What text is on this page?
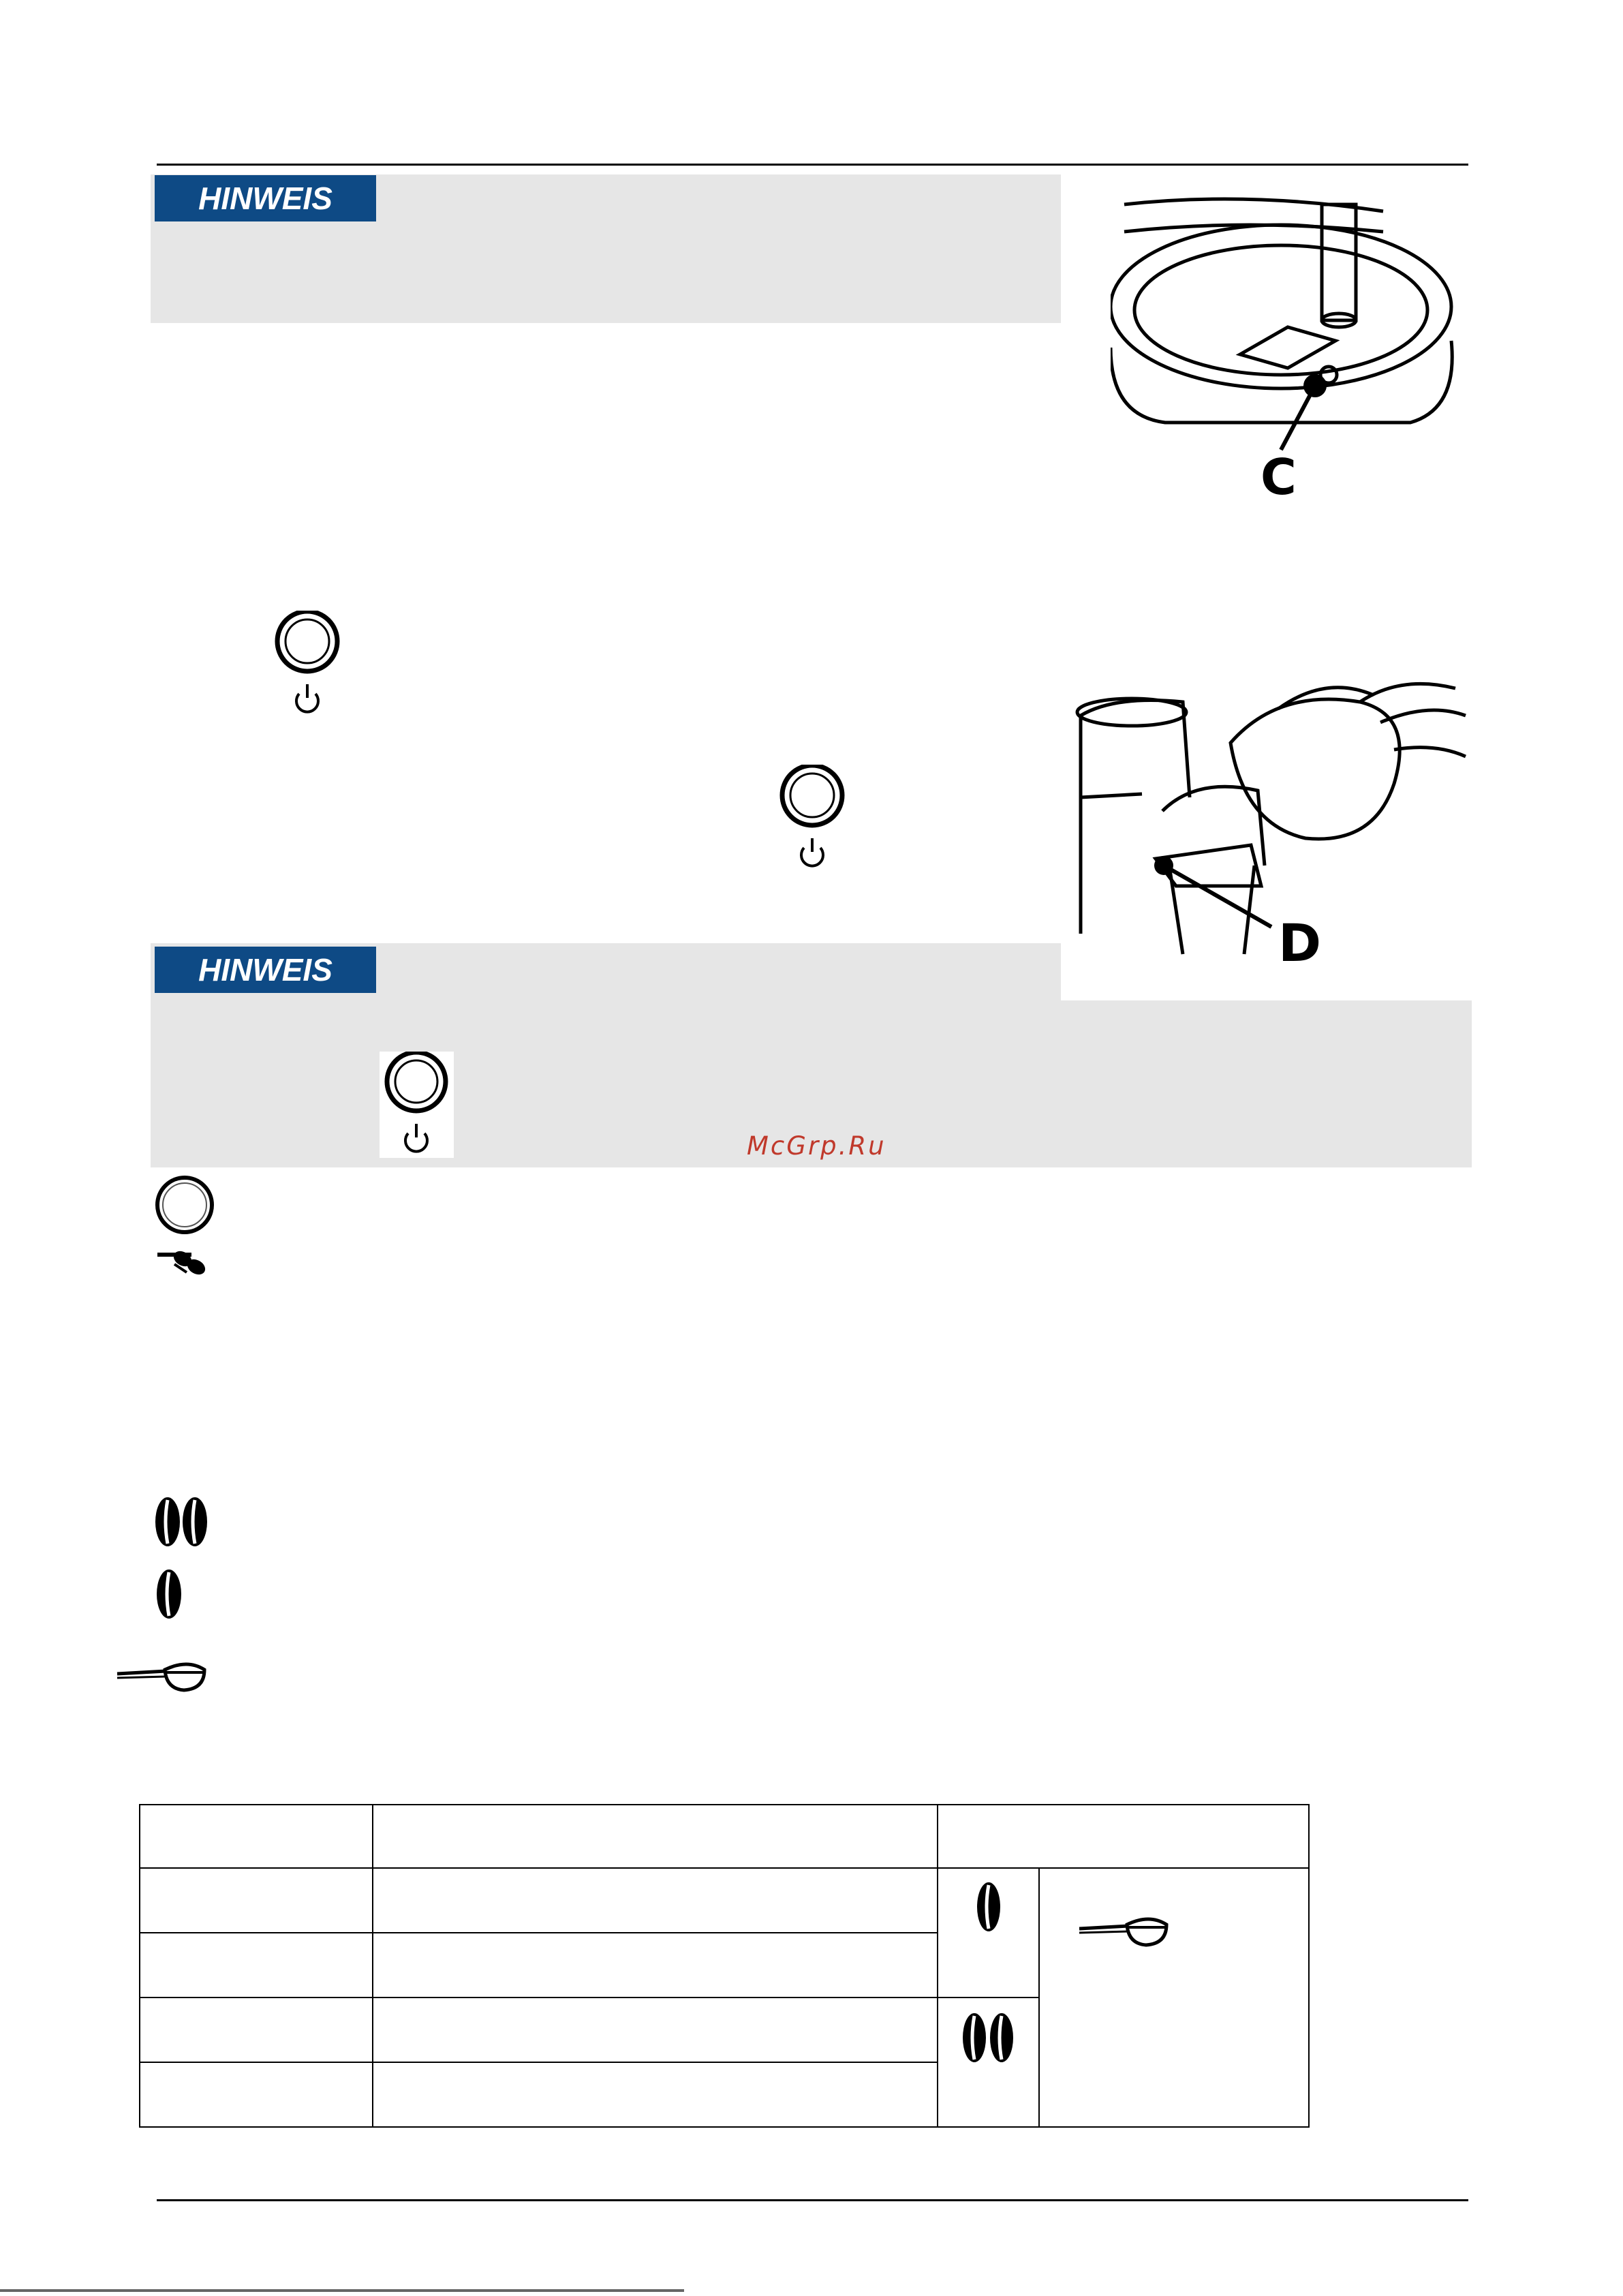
HINWEIS
C
D
HINWEIS
McGrp.Ru
